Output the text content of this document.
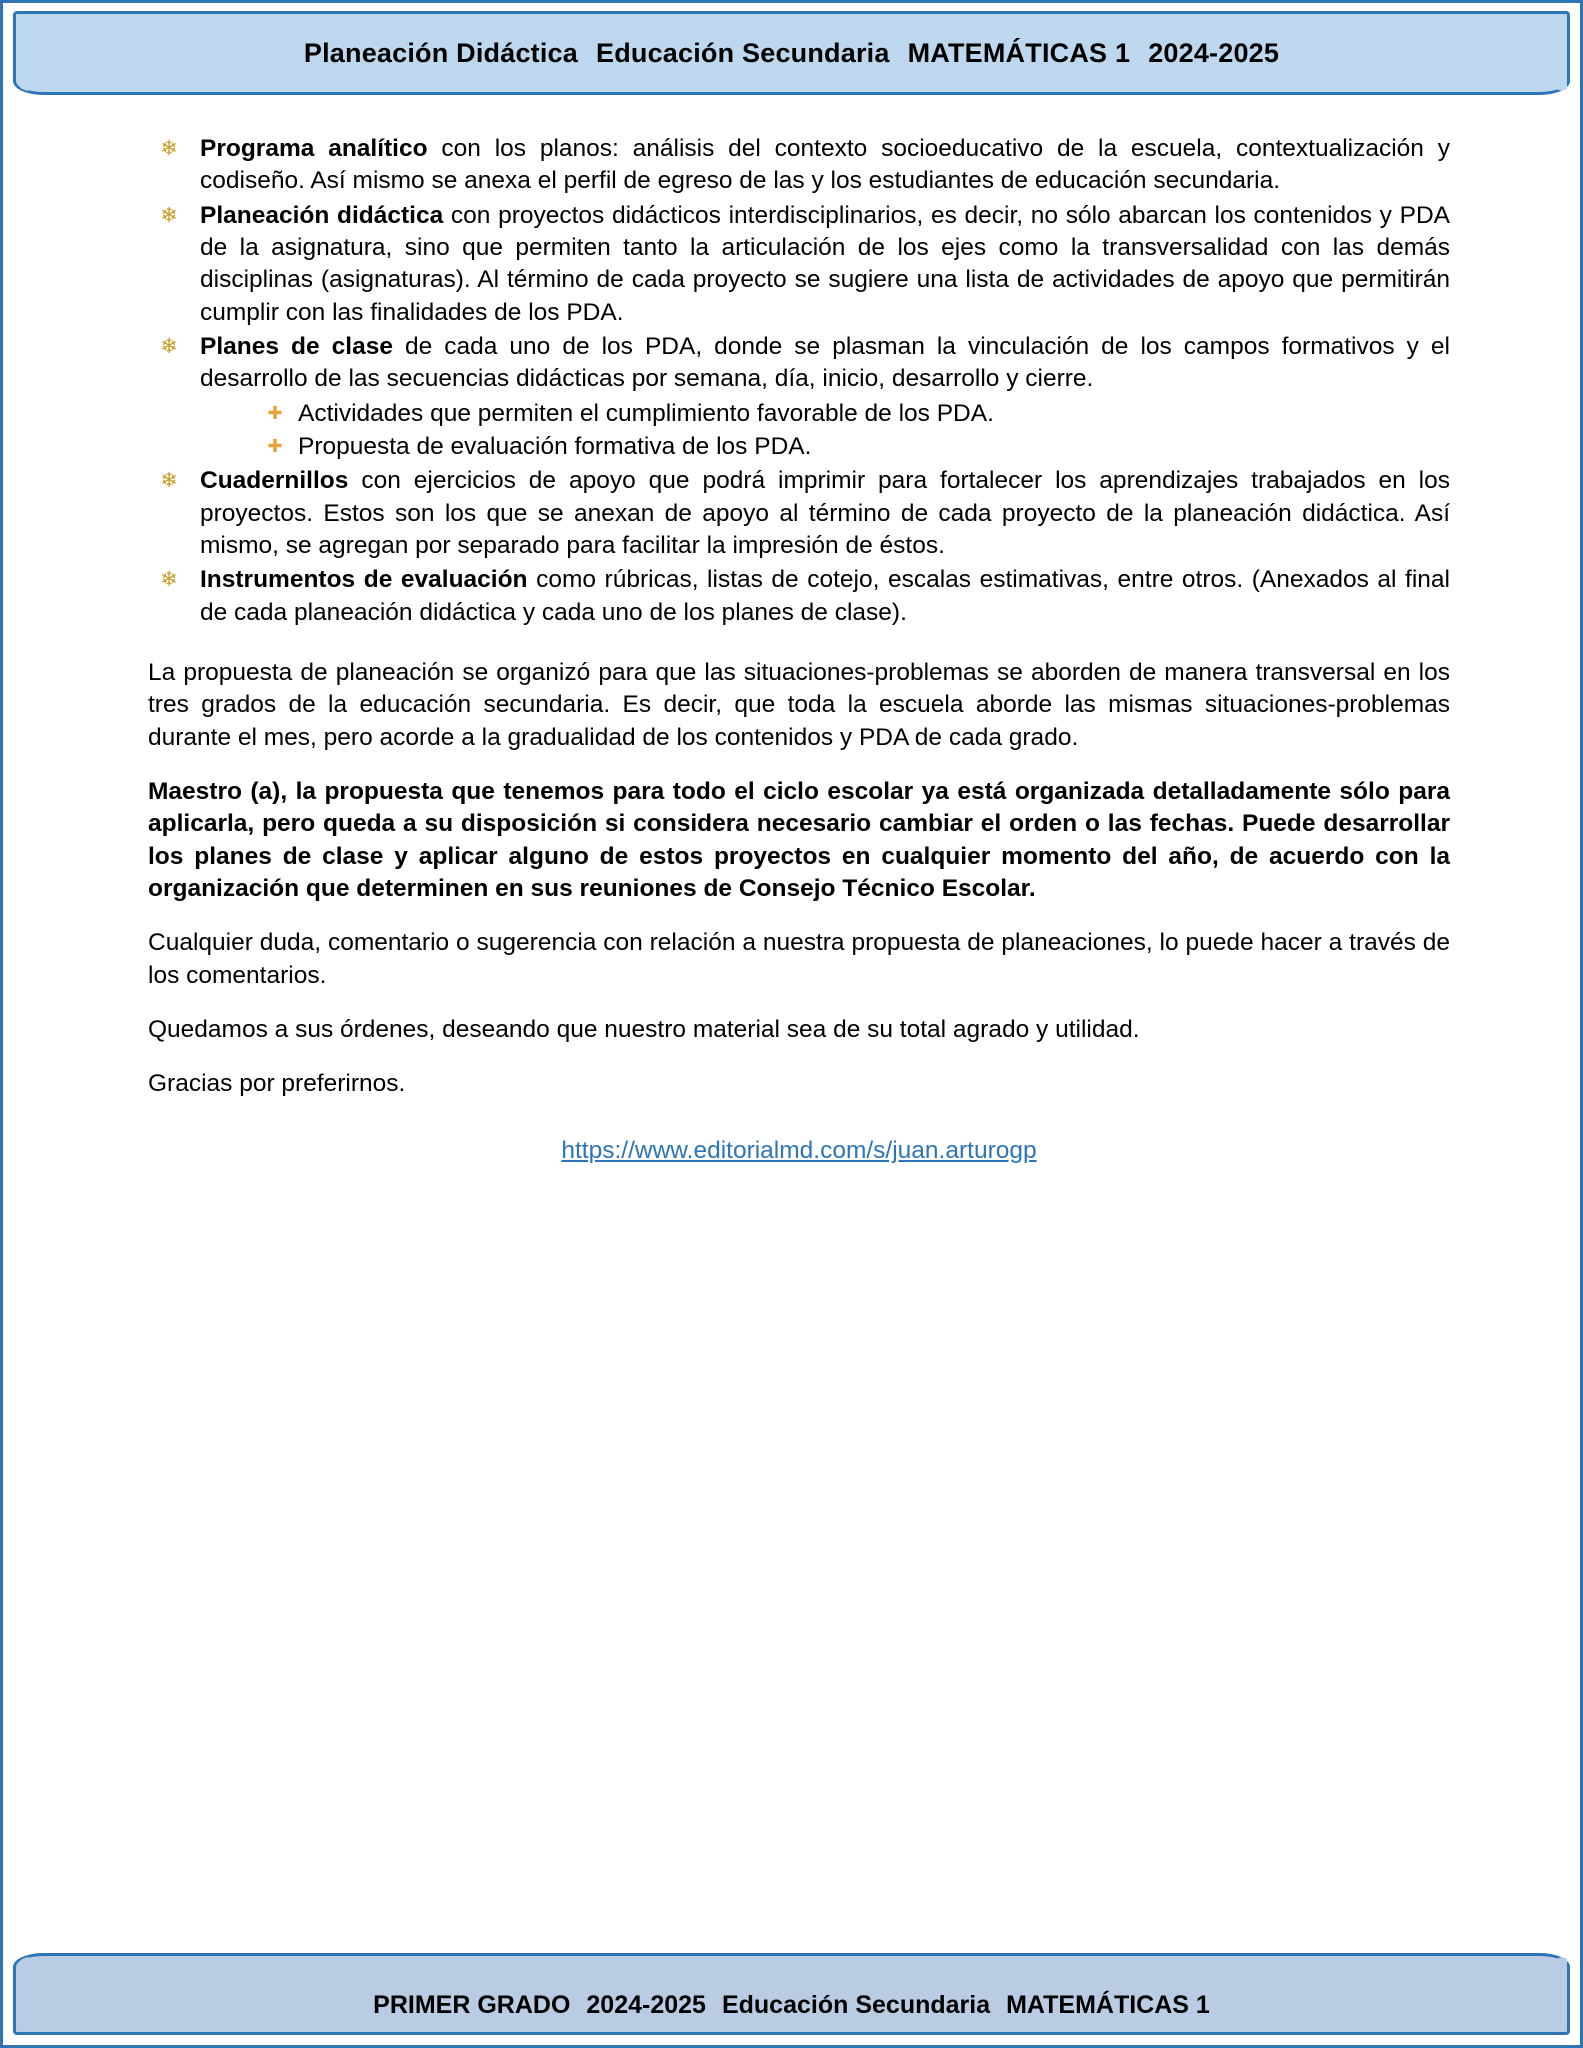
Planeación Didáctica Educación Secundaria MATEMÁTICAS 1 2024-2025
❄ Programa analítico con los planos: análisis del contexto socioeducativo de la escuela, contextualización y codiseño. Así mismo se anexa el perfil de egreso de las y los estudiantes de educación secundaria.
❄ Planeación didáctica con proyectos didácticos interdisciplinarios, es decir, no sólo abarcan los contenidos y PDA de la asignatura, sino que permiten tanto la articulación de los ejes como la transversalidad con las demás disciplinas (asignaturas). Al término de cada proyecto se sugiere una lista de actividades de apoyo que permitirán cumplir con las finalidades de los PDA.
❄ Planes de clase de cada uno de los PDA, donde se plasman la vinculación de los campos formativos y el desarrollo de las secuencias didácticas por semana, día, inicio, desarrollo y cierre.
✚ Actividades que permiten el cumplimiento favorable de los PDA.
✚ Propuesta de evaluación formativa de los PDA.
❄ Cuadernillos con ejercicios de apoyo que podrá imprimir para fortalecer los aprendizajes trabajados en los proyectos. Estos son los que se anexan de apoyo al término de cada proyecto de la planeación didáctica. Así mismo, se agregan por separado para facilitar la impresión de éstos.
❄ Instrumentos de evaluación como rúbricas, listas de cotejo, escalas estimativas, entre otros. (Anexados al final de cada planeación didáctica y cada uno de los planes de clase).

La propuesta de planeación se organizó para que las situaciones-problemas se aborden de manera transversal en los tres grados de la educación secundaria. Es decir, que toda la escuela aborde las mismas situaciones-problemas durante el mes, pero acorde a la gradualidad de los contenidos y PDA de cada grado.

Maestro (a), la propuesta que tenemos para todo el ciclo escolar ya está organizada detalladamente sólo para aplicarla, pero queda a su disposición si considera necesario cambiar el orden o las fechas. Puede desarrollar los planes de clase y aplicar alguno de estos proyectos en cualquier momento del año, de acuerdo con la organización que determinen en sus reuniones de Consejo Técnico Escolar.

Cualquier duda, comentario o sugerencia con relación a nuestra propuesta de planeaciones, lo puede hacer a través de los comentarios.

Quedamos a sus órdenes, deseando que nuestro material sea de su total agrado y utilidad.

Gracias por preferirnos.

https://www.editorialmd.com/s/juan.arturogp
PRIMER GRADO 2024-2025 Educación Secundaria MATEMÁTICAS 1
